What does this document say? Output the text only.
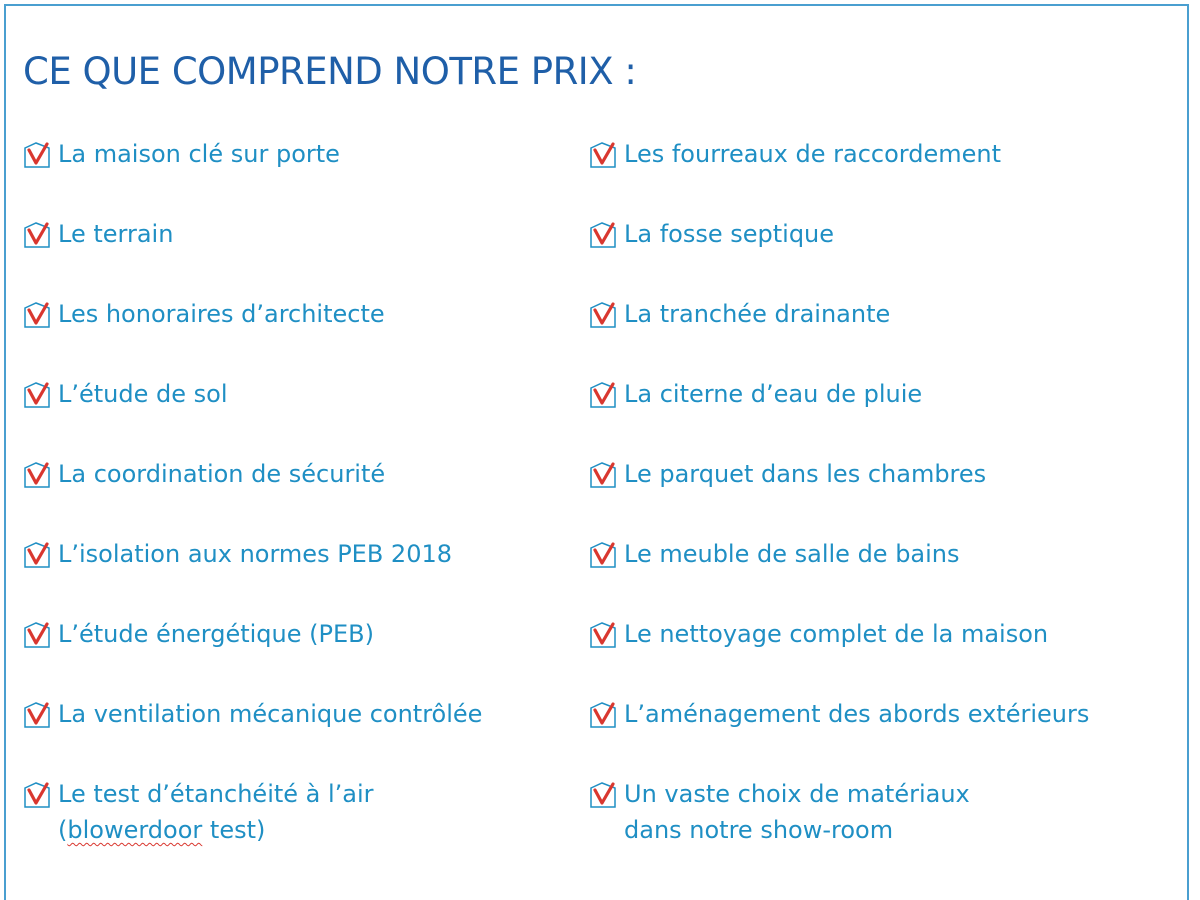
CE QUE COMPREND NOTRE PRIX :
La maison clé sur porte
Le terrain
Les honoraires d’architecte
L’étude de sol
La coordination de sécurité
L’isolation aux normes PEB 2018
L’étude énergétique (PEB)
La ventilation mécanique contrôlée
Le test d’étanchéité à l’air
(blowerdoor test)
Les fourreaux de raccordement
La fosse septique
La tranchée drainante
La citerne d’eau de pluie
Le parquet dans les chambres
Le meuble de salle de bains
Le nettoyage complet de la maison
L’aménagement des abords extérieurs
Un vaste choix de matériaux
dans notre show-room
